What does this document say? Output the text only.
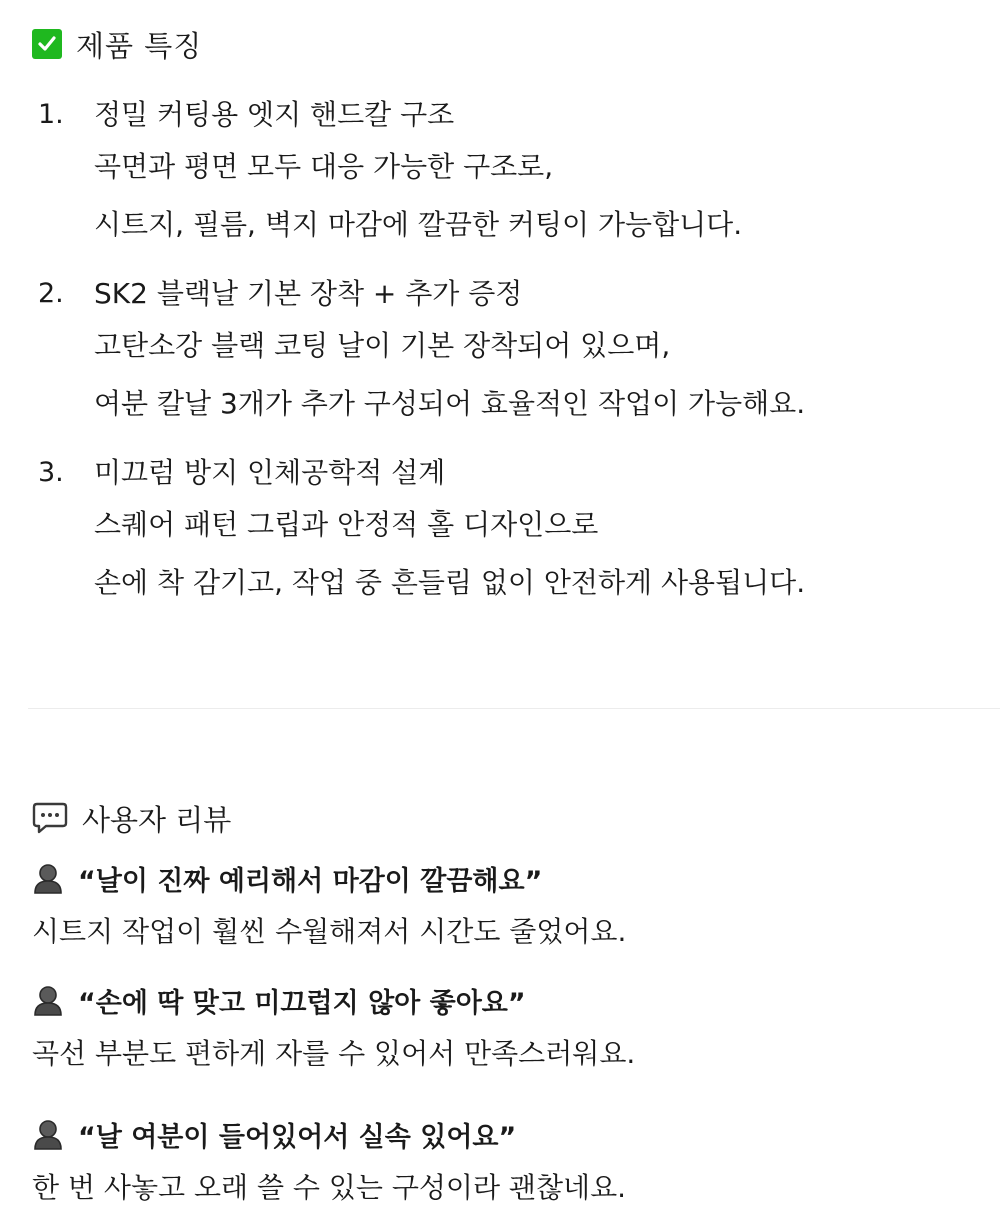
제품 특징
1.	정밀 커팅용 엣지 핸드칼 구조
곡면과 평면 모두 대응 가능한 구조로,
시트지, 필름, 벽지 마감에 깔끔한 커팅이 가능합니다.
2.	SK2 블랙날 기본 장착 + 추가 증정
고탄소강 블랙 코팅 날이 기본 장착되어 있으며,
여분 칼날 3개가 추가 구성되어 효율적인 작업이 가능해요.
3.	미끄럼 방지 인체공학적 설계
스퀘어 패턴 그립과 안정적 홀 디자인으로
손에 착 감기고, 작업 중 흔들림 없이 안전하게 사용됩니다.
사용자 리뷰
“날이 진짜 예리해서 마감이 깔끔해요”
시트지 작업이 훨씬 수월해져서 시간도 줄었어요.
“손에 딱 맞고 미끄럽지 않아 좋아요”
곡선 부분도 편하게 자를 수 있어서 만족스러워요.
“날 여분이 들어있어서 실속 있어요”
한 번 사놓고 오래 쓸 수 있는 구성이라 괜찮네요.
